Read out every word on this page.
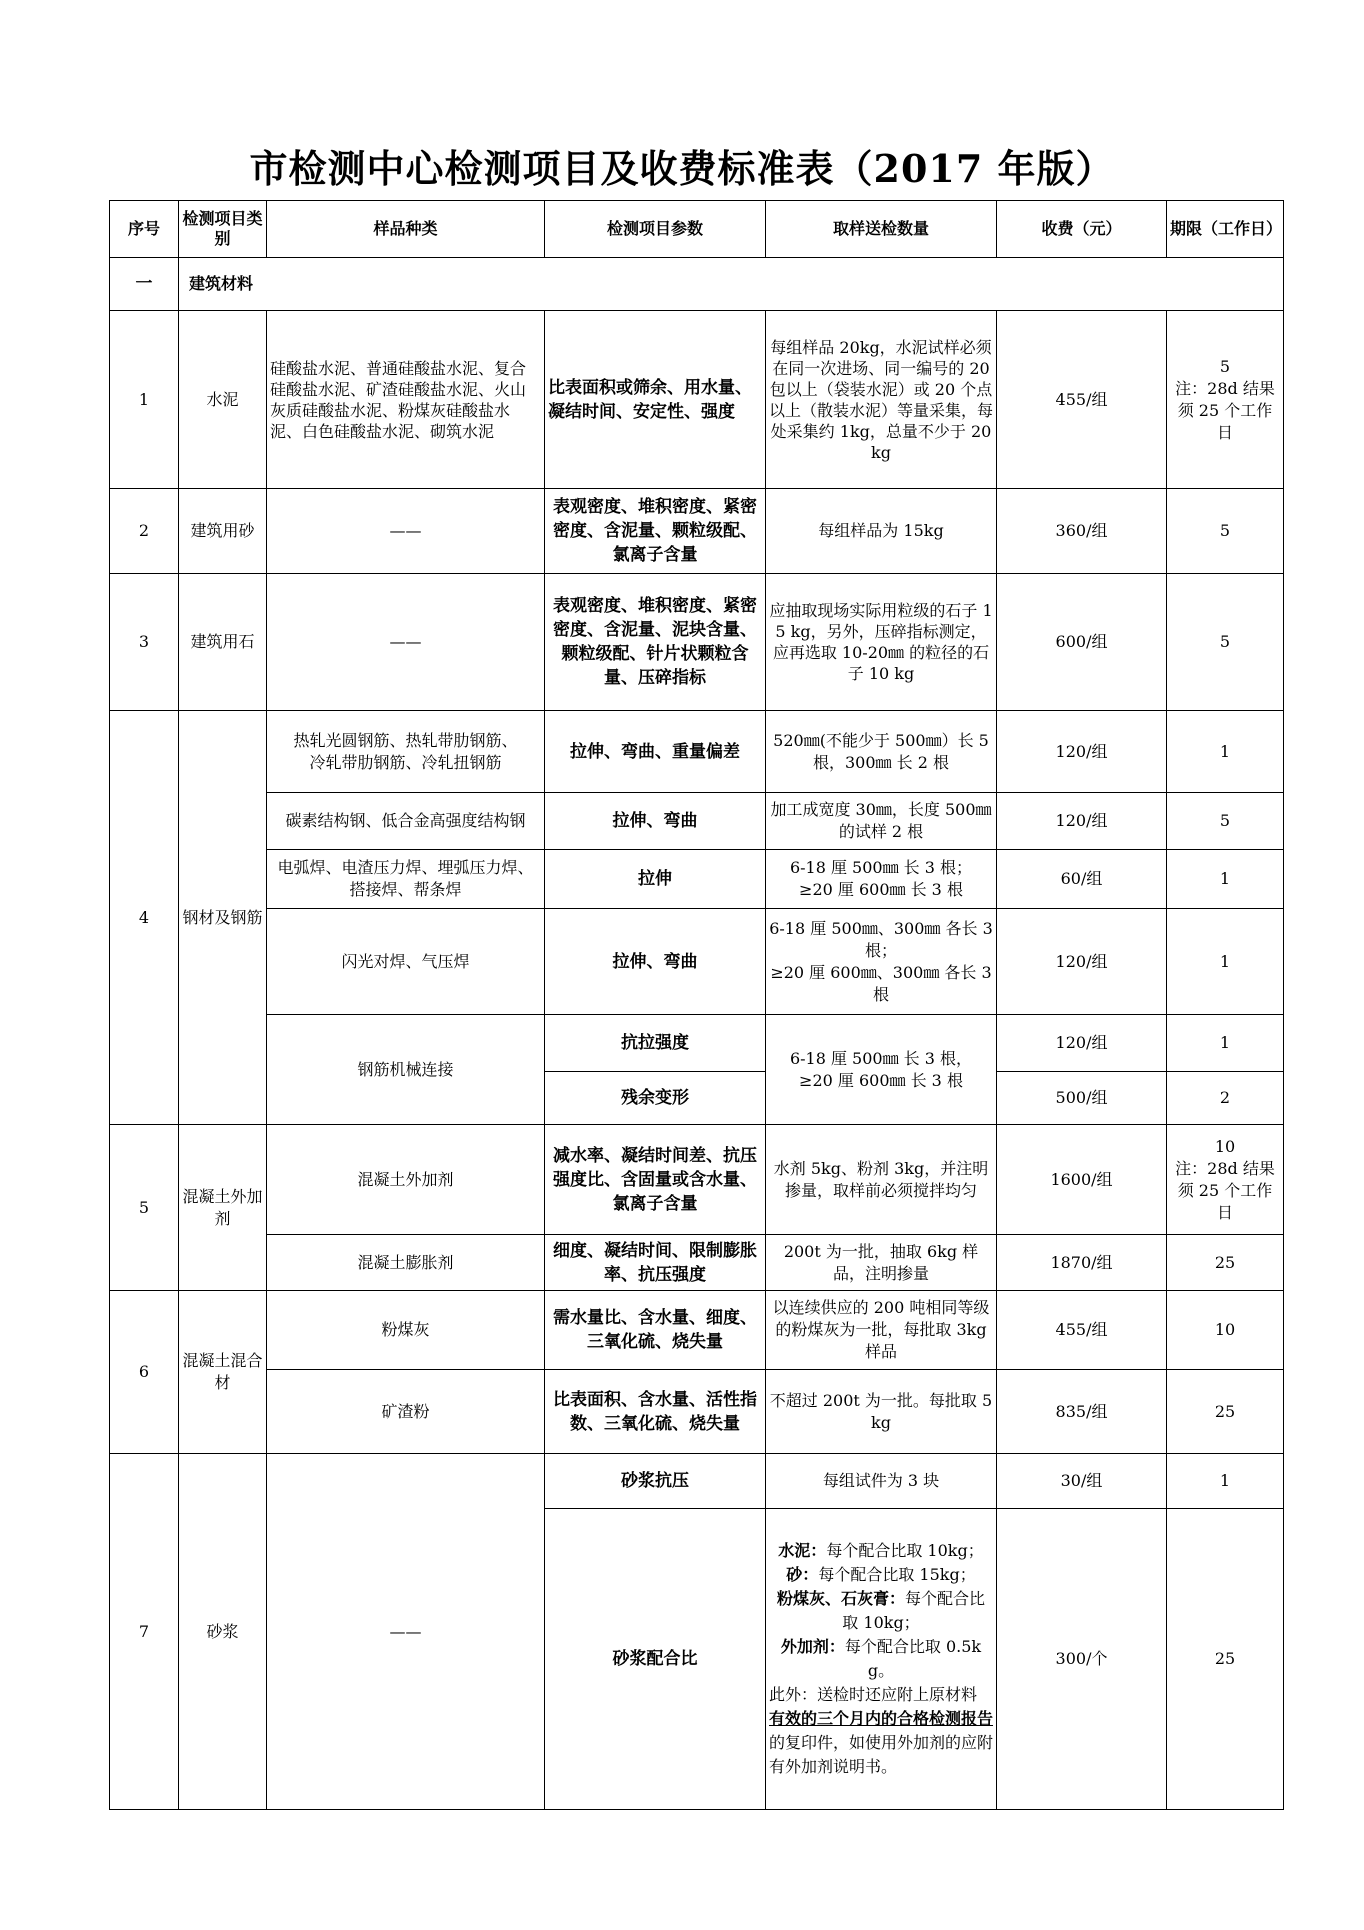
市检测中心检测项目及收费标准表（2017 年版）
序号	检测项目类别	样品种类	检测项目参数	取样送检数量	收费（元）	期限（工作日）
一	建筑材料					
1	水泥	硅酸盐水泥、普通硅酸盐水泥、复合硅酸盐水泥、矿渣硅酸盐水泥、火山灰质硅酸盐水泥、粉煤灰硅酸盐水泥、白色硅酸盐水泥、砌筑水泥	比表面积或筛余、用水量、凝结时间、安定性、强度	每组样品 20kg，水泥试样必须在同一次进场、同一编号的 20 包以上（袋装水泥）或 20 个点以上（散装水泥）等量采集，每处采集约 1kg，总量不少于 20kg	455/组	5
注：28d 结果须 25 个工作日

2	建筑用砂	——	表观密度、堆积密度、紧密密度、含泥量、颗粒级配、氯离子含量	每组样品为 15kg	360/组	5
3	建筑用石	——	表观密度、堆积密度、紧密密度、含泥量、泥块含量、颗粒级配、针片状颗粒含量、压碎指标	应抽取现场实际用粒级的石子 15 kg，另外，压碎指标测定，应再选取 10-20㎜ 的粒径的石子 10 kg	600/组	5
4	钢材及钢筋	热轧光圆钢筋、热轧带肋钢筋、
冷轧带肋钢筋、冷轧扭钢筋	拉伸、弯曲、重量偏差	520㎜(不能少于 500㎜）长 5 根，300㎜ 长 2 根	120/组	1
		碳素结构钢、低合金高强度结构钢	拉伸、弯曲	加工成宽度 30㎜，长度 500㎜ 的试样 2 根	120/组	5
		电弧焊、电渣压力焊、埋弧压力焊、搭接焊、帮条焊	拉伸	6-18 厘 500㎜ 长 3 根；
≥20 厘 600㎜ 长 3 根	60/组	1
		闪光对焊、气压焊	拉伸、弯曲	6-18 厘 500㎜、300㎜ 各长 3 根；
≥20 厘 600㎜、300㎜ 各长 3 根	120/组	1
		钢筋机械连接	抗拉强度	6-18 厘 500㎜ 长 3 根，
≥20 厘 600㎜ 长 3 根	120/组	1
			残余变形		500/组	2
5	混凝土外加剂	混凝土外加剂	减水率、凝结时间差、抗压强度比、含固量或含水量、氯离子含量	水剂 5kg、粉剂 3kg，并注明掺量，取样前必须搅拌均匀	1600/组	10
注：28d 结果须 25 个工作日

		混凝土膨胀剂	细度、凝结时间、限制膨胀率、抗压强度	200t 为一批，抽取 6kg 样品，注明掺量	1870/组	25
6	混凝土混合材	粉煤灰	需水量比、含水量、细度、三氧化硫、烧失量	以连续供应的 200 吨相同等级的粉煤灰为一批，每批取 3kg 样品	455/组	10
		矿渣粉	比表面积、含水量、活性指数、三氧化硫、烧失量	不超过 200t 为一批。每批取 5kg	835/组	25
7	砂浆	——	砂浆抗压	每组试件为 3 块	30/组	1
			砂浆配合比	水泥：每个配合比取 10kg；
砂：每个配合比取 15kg；
粉煤灰、石灰膏：每个配合比取 10kg；
外加剂：每个配合比取 0.5kg。
此外：送检时还应附上原材料有效的三个月内的合格检测报告的复印件，如使用外加剂的应附有外加剂说明书。	300/个	25
